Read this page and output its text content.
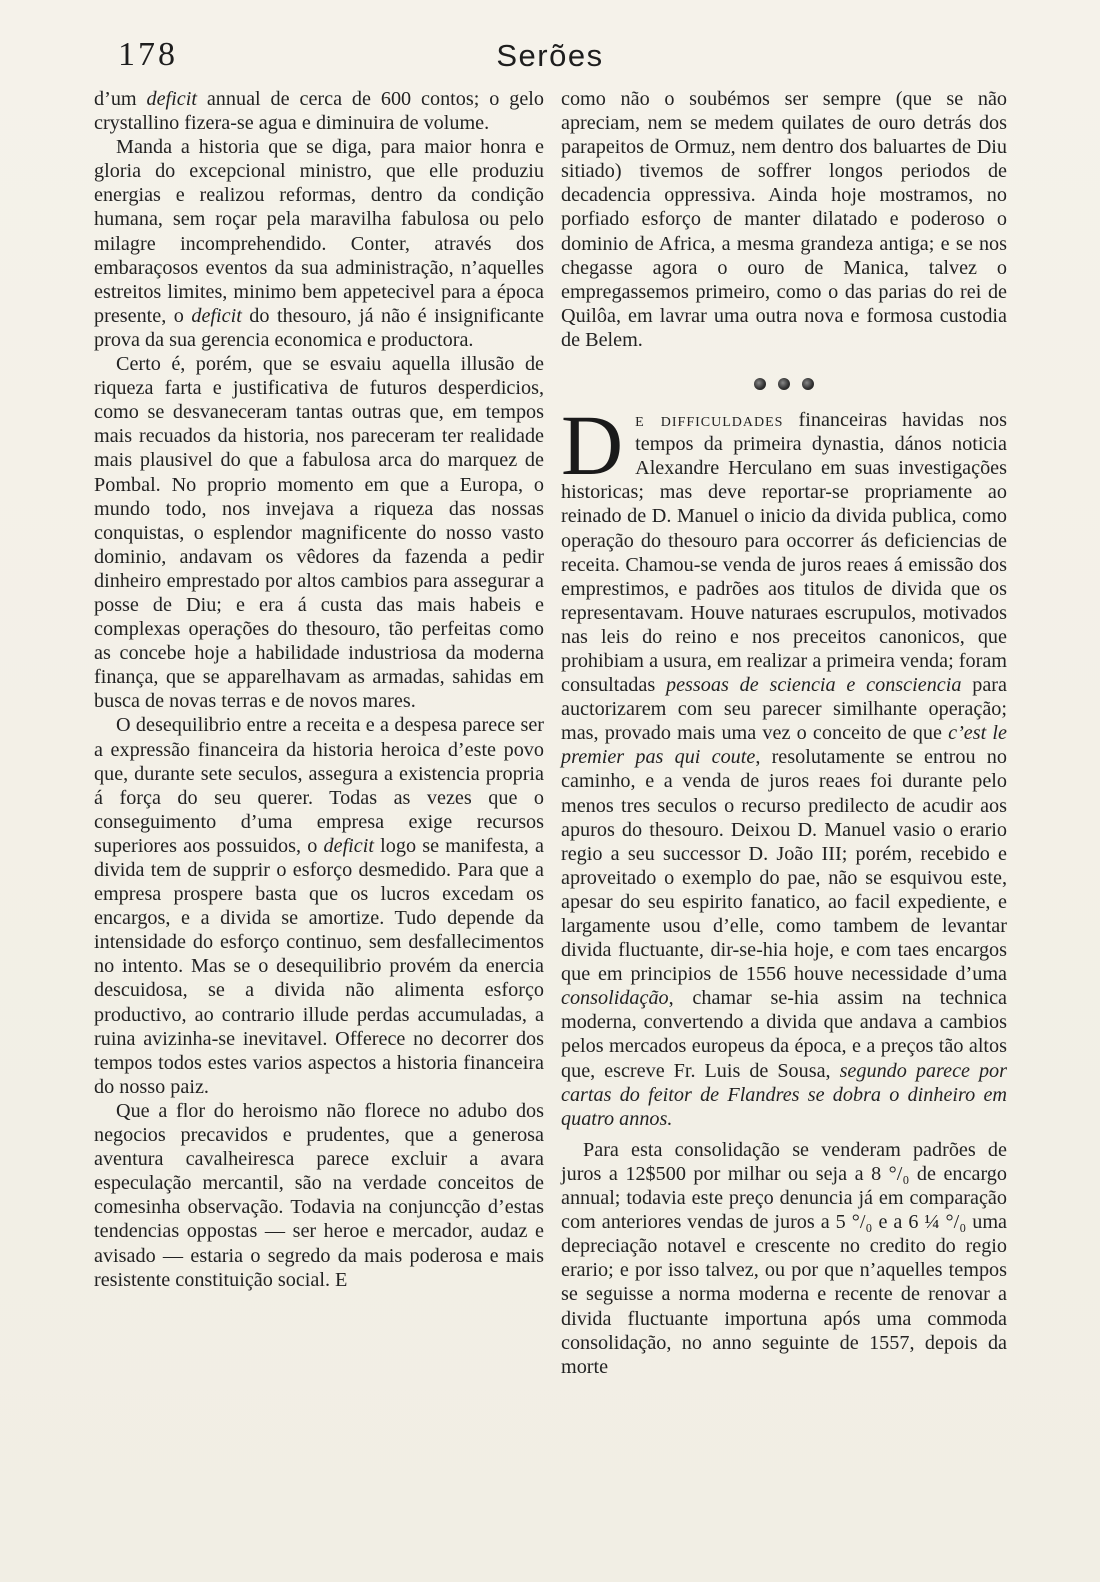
178	Serões

d’um deficit annual de cerca de 600 contos; o gelo crystallino fizera-se agua e diminuira de volume.

Manda a historia que se diga, para maior honra e gloria do excepcional ministro, que elle produziu energias e realizou reformas, dentro da condição humana, sem roçar pela maravilha fabulosa ou pelo milagre incomprehendido. Conter, através dos embaraçosos eventos da sua administração, n’aquelles estreitos limites, minimo bem appetecivel para a época presente, o deficit do thesouro, já não é insignificante prova da sua gerencia economica e productora.

Certo é, porém, que se esvaiu aquella illusão de riqueza farta e justificativa de futuros desperdicios, como se desvaneceram tantas outras que, em tempos mais recuados da historia, nos pareceram ter realidade mais plausivel do que a fabulosa arca do marquez de Pombal. No proprio momento em que a Europa, o mundo todo, nos invejava a riqueza das nossas conquistas, o esplendor magnificente do nosso vasto dominio, andavam os vêdores da fazenda a pedir dinheiro emprestado por altos cambios para assegurar a posse de Diu; e era á custa das mais habeis e complexas operações do thesouro, tão perfeitas como as concebe hoje a habilidade industriosa da moderna finança, que se apparelhavam as armadas, sahidas em busca de novas terras e de novos mares.

O desequilibrio entre a receita e a despesa parece ser a expressão financeira da historia heroica d’este povo que, durante sete seculos, assegura a existencia propria á força do seu querer. Todas as vezes que o conseguimento d’uma empresa exige recursos superiores aos possuidos, o deficit logo se manifesta, a divida tem de supprir o esforço desmedido. Para que a empresa prospere basta que os lucros excedam os encargos, e a divida se amortize. Tudo depende da intensidade do esforço continuo, sem desfallecimentos no intento. Mas se o desequilibrio provém da enercia descuidosa, se a divida não alimenta esforço productivo, ao contrario illude perdas accumuladas, a ruina avizinha-se inevitavel. Offerece no decorrer dos tempos todos estes varios aspectos a historia financeira do nosso paiz.

Que a flor do heroismo não florece no adubo dos negocios precavidos e prudentes, que a generosa aventura cavalheiresca parece excluir a avara especulação mercantil, são na verdade conceitos de comesinha observação. Todavia na conjuncção d’estas tendencias oppostas — ser heroe e mercador, audaz e avisado — estaria o segredo da mais poderosa e mais resistente constituição social. E

como não o soubémos ser sempre (que se não apreciam, nem se medem quilates de ouro detrás dos parapeitos de Ormuz, nem dentro dos baluartes de Diu sitiado) tivemos de soffrer longos periodos de decadencia oppressiva. Ainda hoje mostramos, no porfiado esforço de manter dilatado e poderoso o dominio de Africa, a mesma grandeza antiga; e se nos chegasse agora o ouro de Manica, talvez o empregassemos primeiro, como o das parias do rei de Quilôa, em lavrar uma outra nova e formosa custodia de Belem.

De difficuldades financeiras havidas nos tempos da primeira dynastia, dános noticia Alexandre Herculano em suas investigações historicas; mas deve reportar-se propriamente ao reinado de D. Manuel o inicio da divida publica, como operação do thesouro para occorrer ás deficiencias de receita. Chamou-se venda de juros reaes á emissão dos emprestimos, e padrões aos titulos de divida que os representavam. Houve naturaes escrupulos, motivados nas leis do reino e nos preceitos canonicos, que prohibiam a usura, em realizar a primeira venda; foram consultadas pessoas de sciencia e consciencia para auctorizarem com seu parecer similhante operação; mas, provado mais uma vez o conceito de que c’est le premier pas qui coute, resolutamente se entrou no caminho, e a venda de juros reaes foi durante pelo menos tres seculos o recurso predilecto de acudir aos apuros do thesouro. Deixou D. Manuel vasio o erario regio a seu successor D. João III; porém, recebido e aproveitado o exemplo do pae, não se esquivou este, apesar do seu espirito fanatico, ao facil expediente, e largamente usou d’elle, como tambem de levantar divida fluctuante, dir-se-hia hoje, e com taes encargos que em principios de 1556 houve necessidade d’uma consolidação, chamar se-hia assim na technica moderna, convertendo a divida que andava a cambios pelos mercados europeus da época, e a preços tão altos que, escreve Fr. Luis de Sousa, segundo parece por cartas do feitor de Flandres se dobra o dinheiro em quatro annos.

Para esta consolidação se venderam padrões de juros a 12$500 por milhar ou seja a 8 °/₀ de encargo annual; todavia este preço denuncia já em comparação com anteriores vendas de juros a 5 °/₀ e a 6 ¼ °/₀ uma depreciação notavel e crescente no credito do regio erario; e por isso talvez, ou por que n’aquelles tempos se seguisse a norma moderna e recente de renovar a divida fluctuante importuna após uma commoda consolidação, no anno seguinte de 1557, depois da morte
